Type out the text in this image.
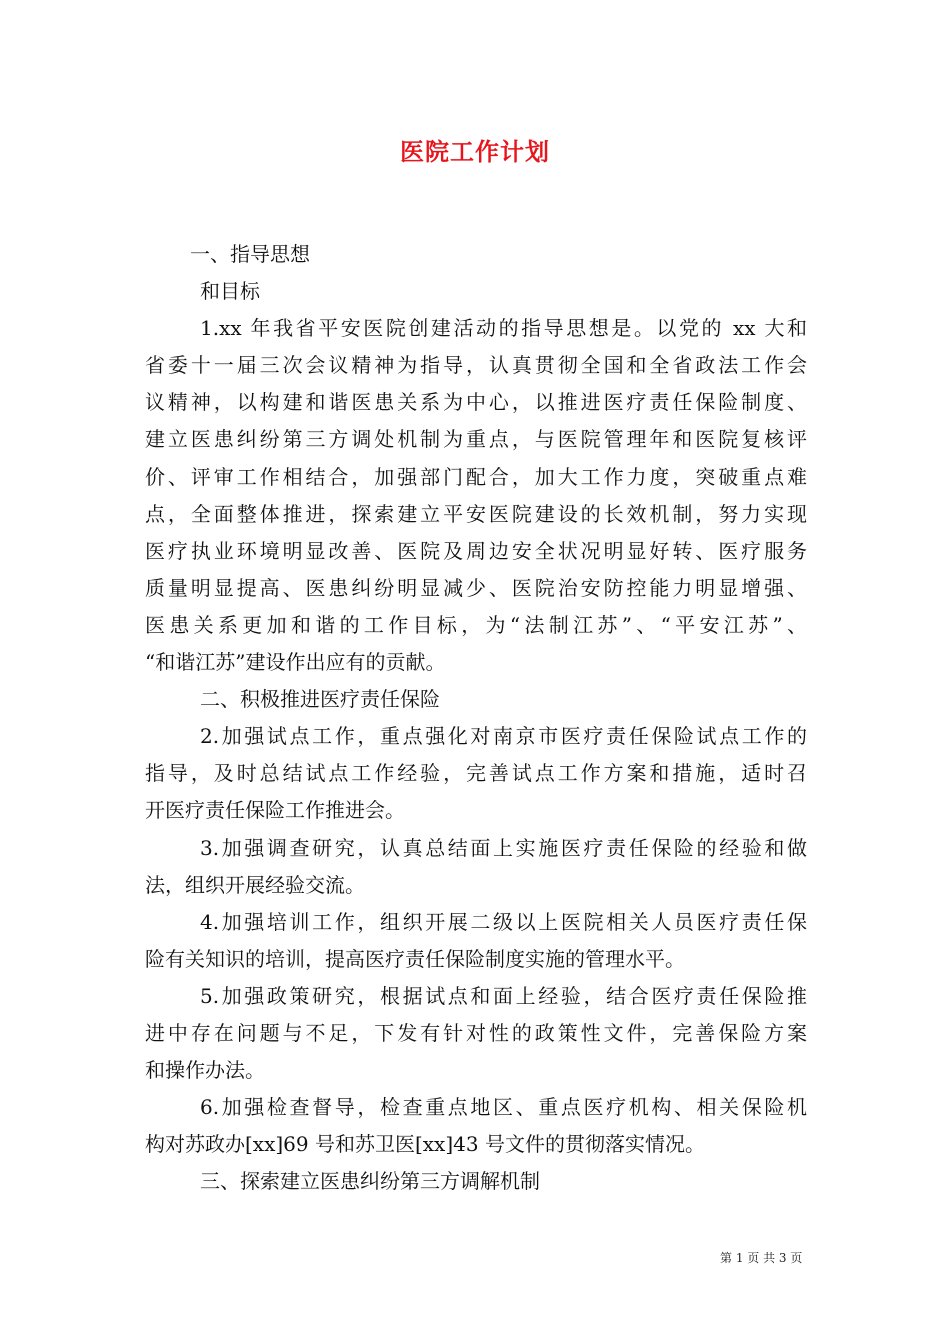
医院工作计划
一、指导思想
和目标
1.xx 年我省平安医院创建活动的指导思想是。以党的 xx 大和
省委十一届三次会议精神为指导，认真贯彻全国和全省政法工作会
议精神，以构建和谐医患关系为中心，以推进医疗责任保险制度、
建立医患纠纷第三方调处机制为重点，与医院管理年和医院复核评
价、评审工作相结合，加强部门配合，加大工作力度，突破重点难
点，全面整体推进，探索建立平安医院建设的长效机制，努力实现
医疗执业环境明显改善、医院及周边安全状况明显好转、医疗服务
质量明显提高、医患纠纷明显减少、医院治安防控能力明显增强、
医患关系更加和谐的工作目标，为“法制江苏”、“平安江苏”、
“和谐江苏”建设作出应有的贡献。
二、积极推进医疗责任保险
2.加强试点工作，重点强化对南京市医疗责任保险试点工作的
指导，及时总结试点工作经验，完善试点工作方案和措施，适时召
开医疗责任保险工作推进会。
3.加强调查研究，认真总结面上实施医疗责任保险的经验和做
法，组织开展经验交流。
4.加强培训工作，组织开展二级以上医院相关人员医疗责任保
险有关知识的培训，提高医疗责任保险制度实施的管理水平。
5.加强政策研究，根据试点和面上经验，结合医疗责任保险推
进中存在问题与不足，下发有针对性的政策性文件，完善保险方案
和操作办法。
6.加强检查督导，检查重点地区、重点医疗机构、相关保险机
构对苏政办[xx]69 号和苏卫医[xx]43 号文件的贯彻落实情况。
三、探索建立医患纠纷第三方调解机制
第 1 页 共 3 页
